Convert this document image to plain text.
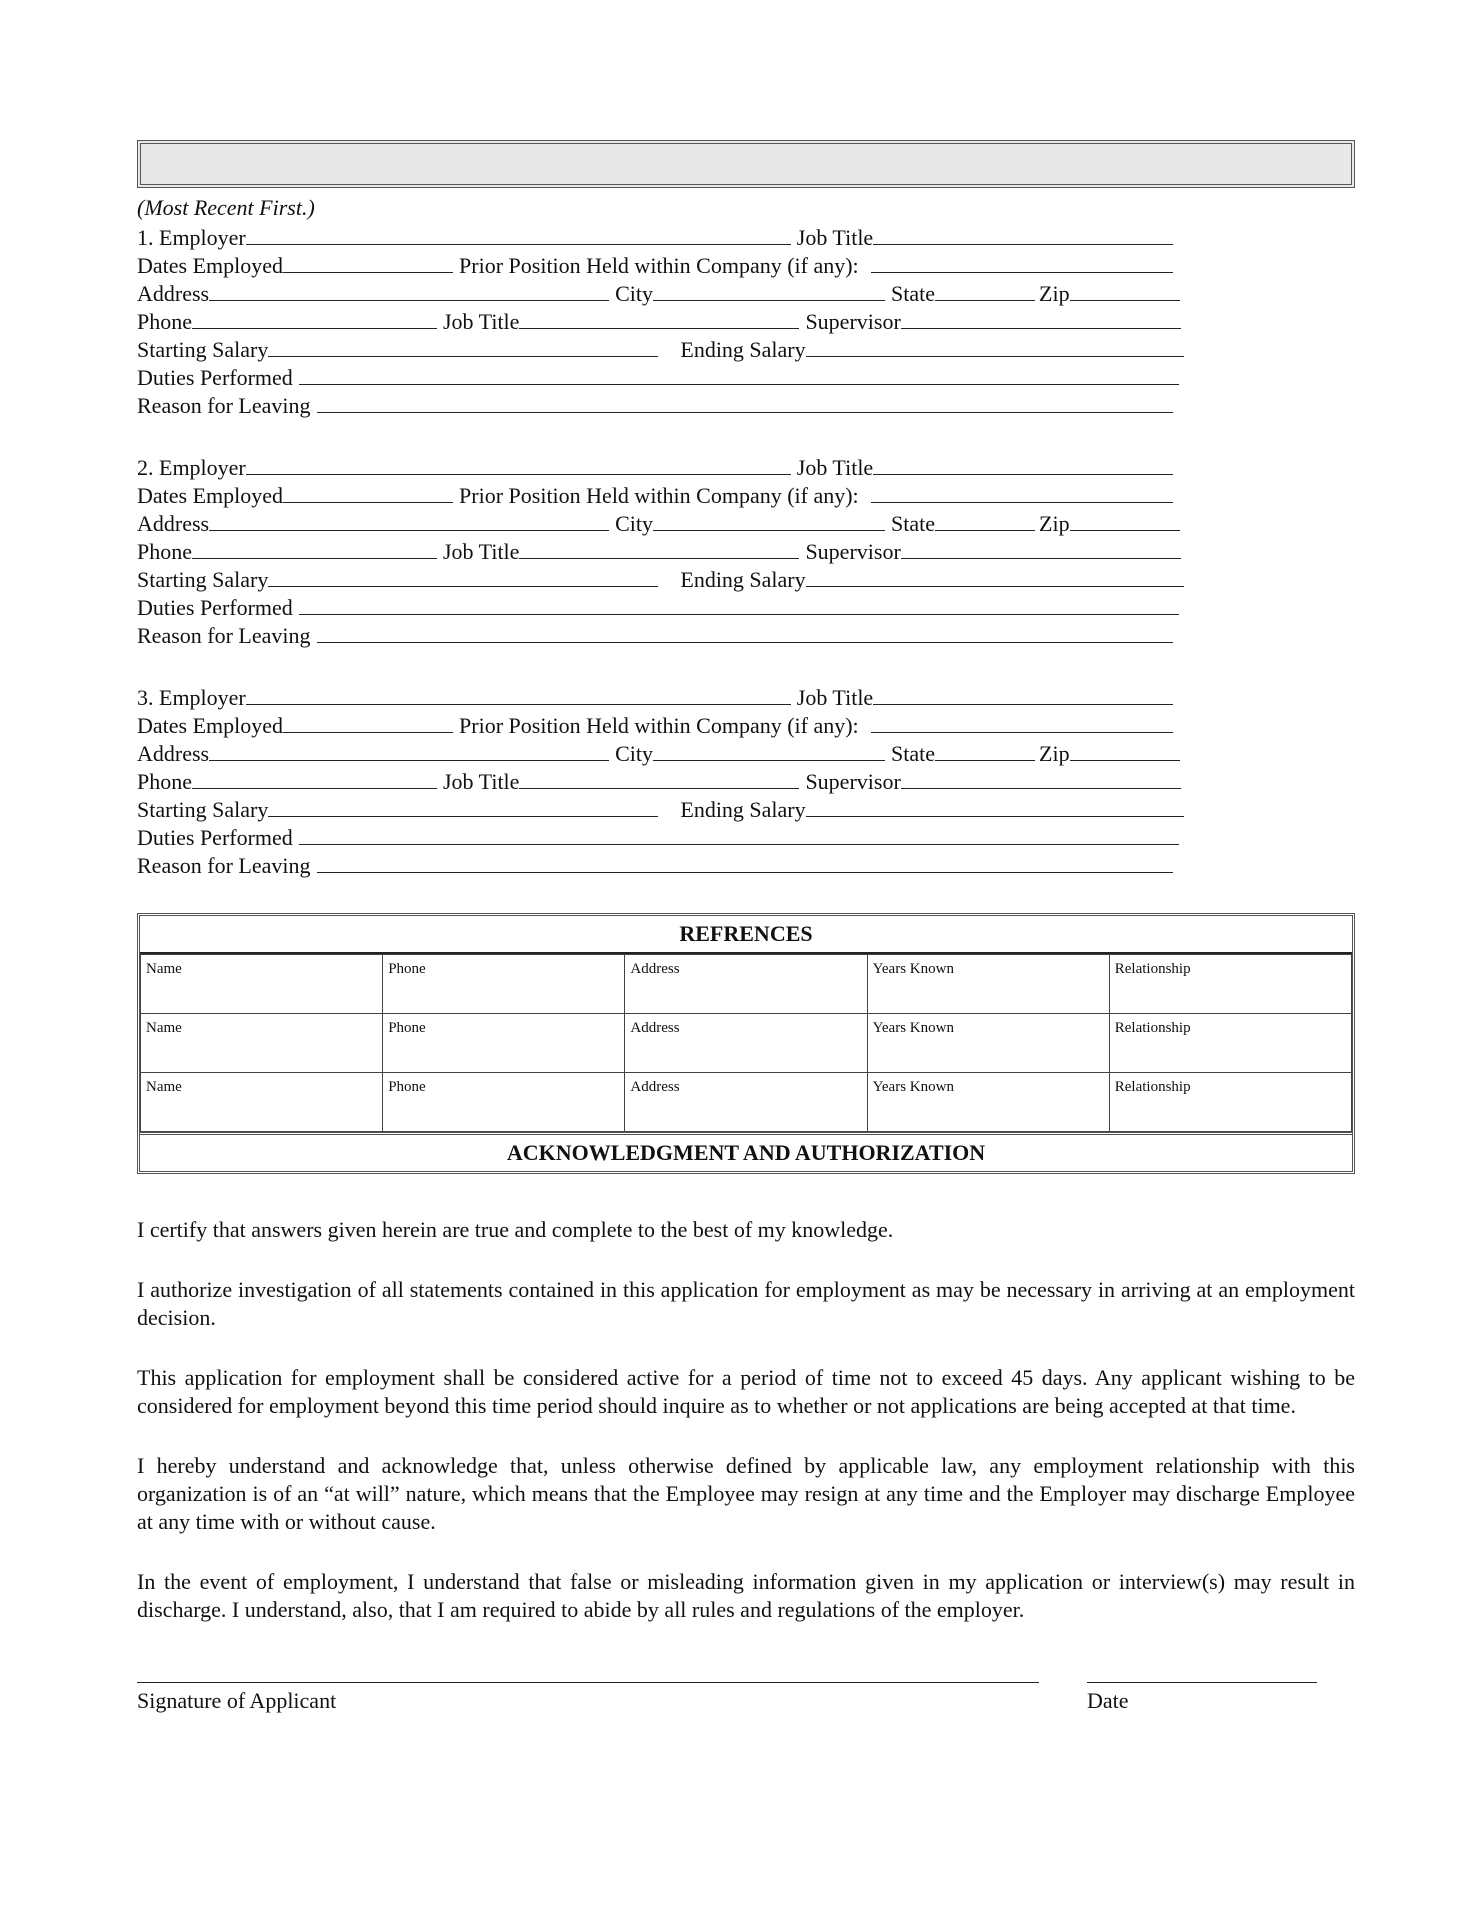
(Most Recent First.)
1. Employer	Job Title
Dates Employed	Prior Position Held within Company (if any):
Address	City	State	Zip
Phone	Job Title	Supervisor
Starting Salary	Ending Salary
Duties Performed
Reason for Leaving
2. Employer	Job Title
Dates Employed	Prior Position Held within Company (if any):
Address	City	State	Zip
Phone	Job Title	Supervisor
Starting Salary	Ending Salary
Duties Performed
Reason for Leaving
3. Employer	Job Title
Dates Employed	Prior Position Held within Company (if any):
Address	City	State	Zip
Phone	Job Title	Supervisor
Starting Salary	Ending Salary
Duties Performed
Reason for Leaving
REFRENCES
Name	Phone	Address	Years Known	Relationship
Name	Phone	Address	Years Known	Relationship
Name	Phone	Address	Years Known	Relationship
ACKNOWLEDGMENT AND AUTHORIZATION
I certify that answers given herein are true and complete to the best of my knowledge.
I authorize investigation of all statements contained in this application for employment as may be necessary in arriving at an employment decision.
This application for employment shall be considered active for a period of time not to exceed 45 days. Any applicant wishing to be considered for employment beyond this time period should inquire as to whether or not applications are being accepted at that time.
I hereby understand and acknowledge that, unless otherwise defined by applicable law, any employment relationship with this organization is of an “at will” nature, which means that the Employee may resign at any time and the Employer may discharge Employee at any time with or without cause.
In the event of employment, I understand that false or misleading information given in my application or interview(s) may result in discharge. I understand, also, that I am required to abide by all rules and regulations of the employer.
Signature of Applicant	Date
